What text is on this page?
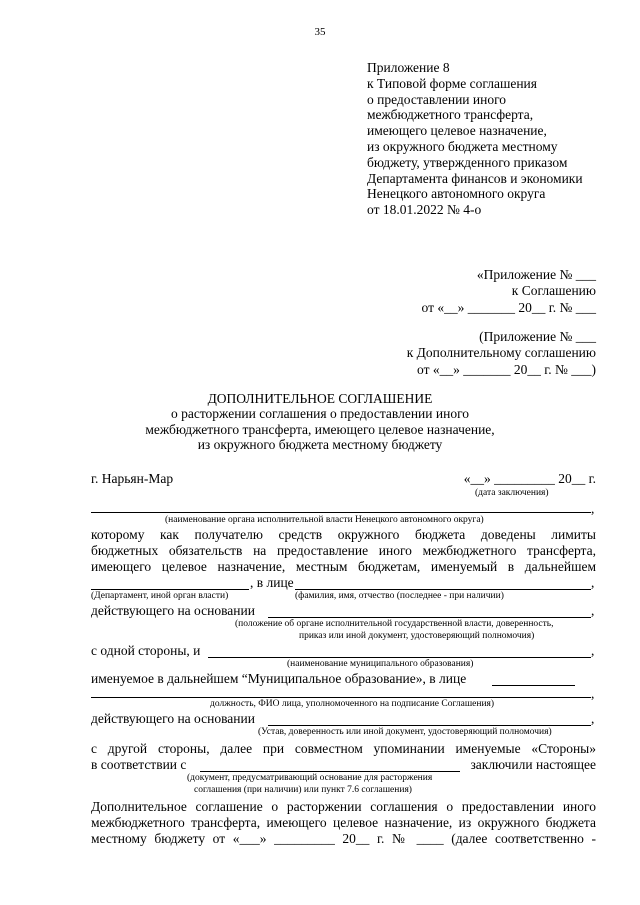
35
Приложение 8
к Типовой форме соглашения
о предоставлении иного
межбюджетного трансферта,
имеющего целевое назначение,
из окружного бюджета местному
бюджету, утвержденного приказом
Департамента финансов и экономики
Ненецкого автономного округа
от 18.01.2022 № 4-о
«Приложение № ___
к Соглашению
от «__» _______ 20__ г. № ___
(Приложение № ___
к Дополнительному соглашению
от «__» _______ 20__ г. № ___)
ДОПОЛНИТЕЛЬНОЕ СОГЛАШЕНИЕ
о расторжении соглашения о предоставлении иного
межбюджетного трансферта, имеющего целевое назначение,
из окружного бюджета местному бюджету
г. Нарьян-Мар	«__» _________ 20__ г.
(дата заключения)
,
(наименование органа исполнительной власти Ненецкого автономного округа)
которому как получателю средств окружного бюджета доведены лимиты
бюджетных обязательств на предоставление иного межбюджетного трансферта,
имеющего целевое назначение, местным бюджетам, именуемый в дальнейшем
, в лице	,
(Департамент, иной орган власти)	(фамилия, имя, отчество (последнее - при наличии)
действующего на основании	,
(положение об органе исполнительной государственной власти, доверенность,
приказ или иной документ, удостоверяющий полномочия)
с одной стороны, и	,
(наименование муниципального образования)
именуемое в дальнейшем “Муниципальное образование», в лице
,
должность, ФИО лица, уполномоченного на подписание Соглашения)
действующего на основании	,
(Устав, доверенность или иной документ, удостоверяющий полномочия)
с другой стороны, далее при совместном упоминании именуемые «Стороны»
в соответствии с	заключили настоящее
(документ, предусматривающий основание для расторжения
соглашения (при наличии) или пункт 7.6 соглашения)
Дополнительное соглашение о расторжении соглашения о предоставлении иного
межбюджетного трансферта, имеющего целевое назначение, из окружного бюджета
местному бюджету от «___» _________ 20__ г. № ____ (далее соответственно -
